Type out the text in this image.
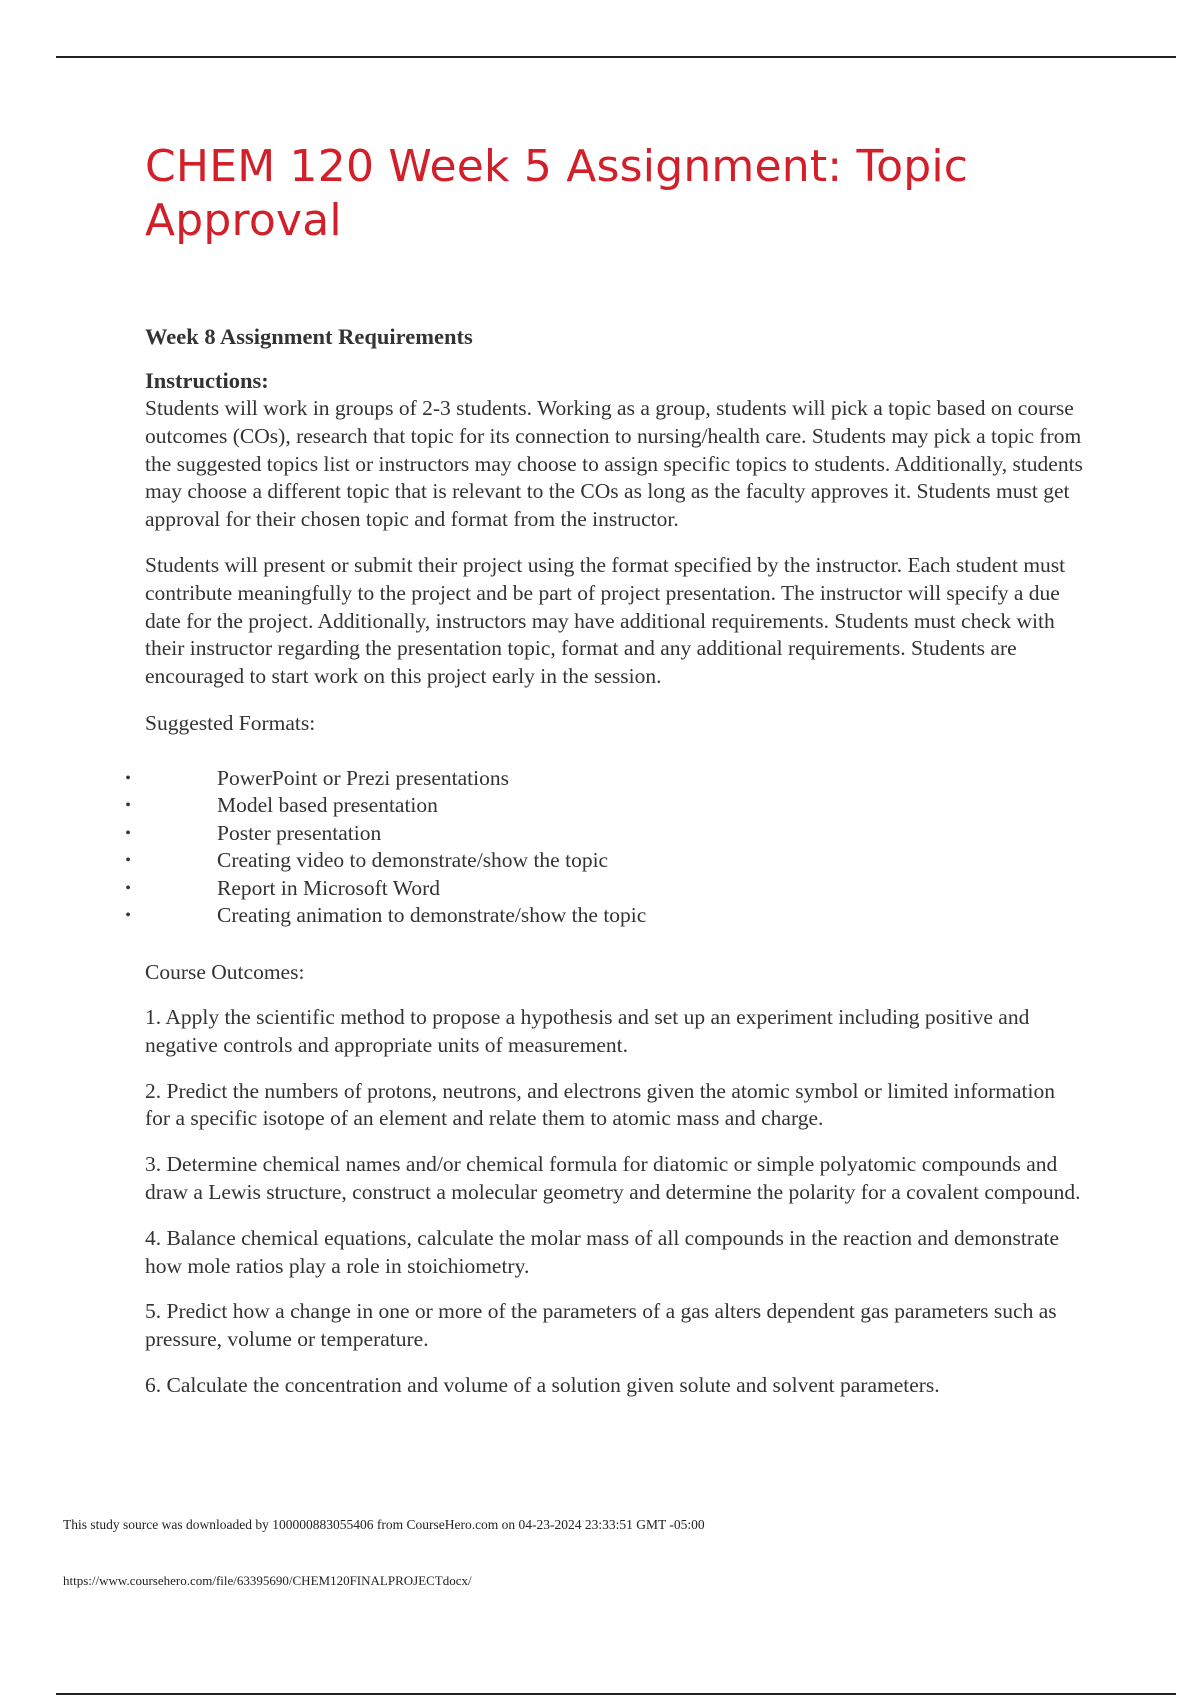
CHEM 120 Week 5 Assignment: Topic Approval
Week 8 Assignment Requirements
Instructions:

Students will work in groups of 2-3 students. Working as a group, students will pick a topic based on course outcomes (COs), research that topic for its connection to nursing/health care. Students may pick a topic from the suggested topics list or instructors may choose to assign specific topics to students. Additionally, students may choose a different topic that is relevant to the COs as long as the faculty approves it. Students must get approval for their chosen topic and format from the instructor.

Students will present or submit their project using the format specified by the instructor. Each student must contribute meaningfully to the project and be part of project presentation. The instructor will specify a due date for the project. Additionally, instructors may have additional requirements. Students must check with their instructor regarding the presentation topic, format and any additional requirements. Students are encouraged to start work on this project early in the session.

Suggested Formats:
•	PowerPoint or Prezi presentations
•	Model based presentation
•	Poster presentation
•	Creating video to demonstrate/show the topic
•	Report in Microsoft Word
•	Creating animation to demonstrate/show the topic
Course Outcomes:

1. Apply the scientific method to propose a hypothesis and set up an experiment including positive and negative controls and appropriate units of measurement.

2. Predict the numbers of protons, neutrons, and electrons given the atomic symbol or limited information for a specific isotope of an element and relate them to atomic mass and charge.

3. Determine chemical names and/or chemical formula for diatomic or simple polyatomic compounds and draw a Lewis structure, construct a molecular geometry and determine the polarity for a covalent compound.

4. Balance chemical equations, calculate the molar mass of all compounds in the reaction and demonstrate how mole ratios play a role in stoichiometry.

5. Predict how a change in one or more of the parameters of a gas alters dependent gas parameters such as pressure, volume or temperature.

6. Calculate the concentration and volume of a solution given solute and solvent parameters.

This study source was downloaded by 100000883055406 from CourseHero.com on 04-23-2024 23:33:51 GMT -05:00
https://www.coursehero.com/file/63395690/CHEM120FINALPROJECTdocx/
